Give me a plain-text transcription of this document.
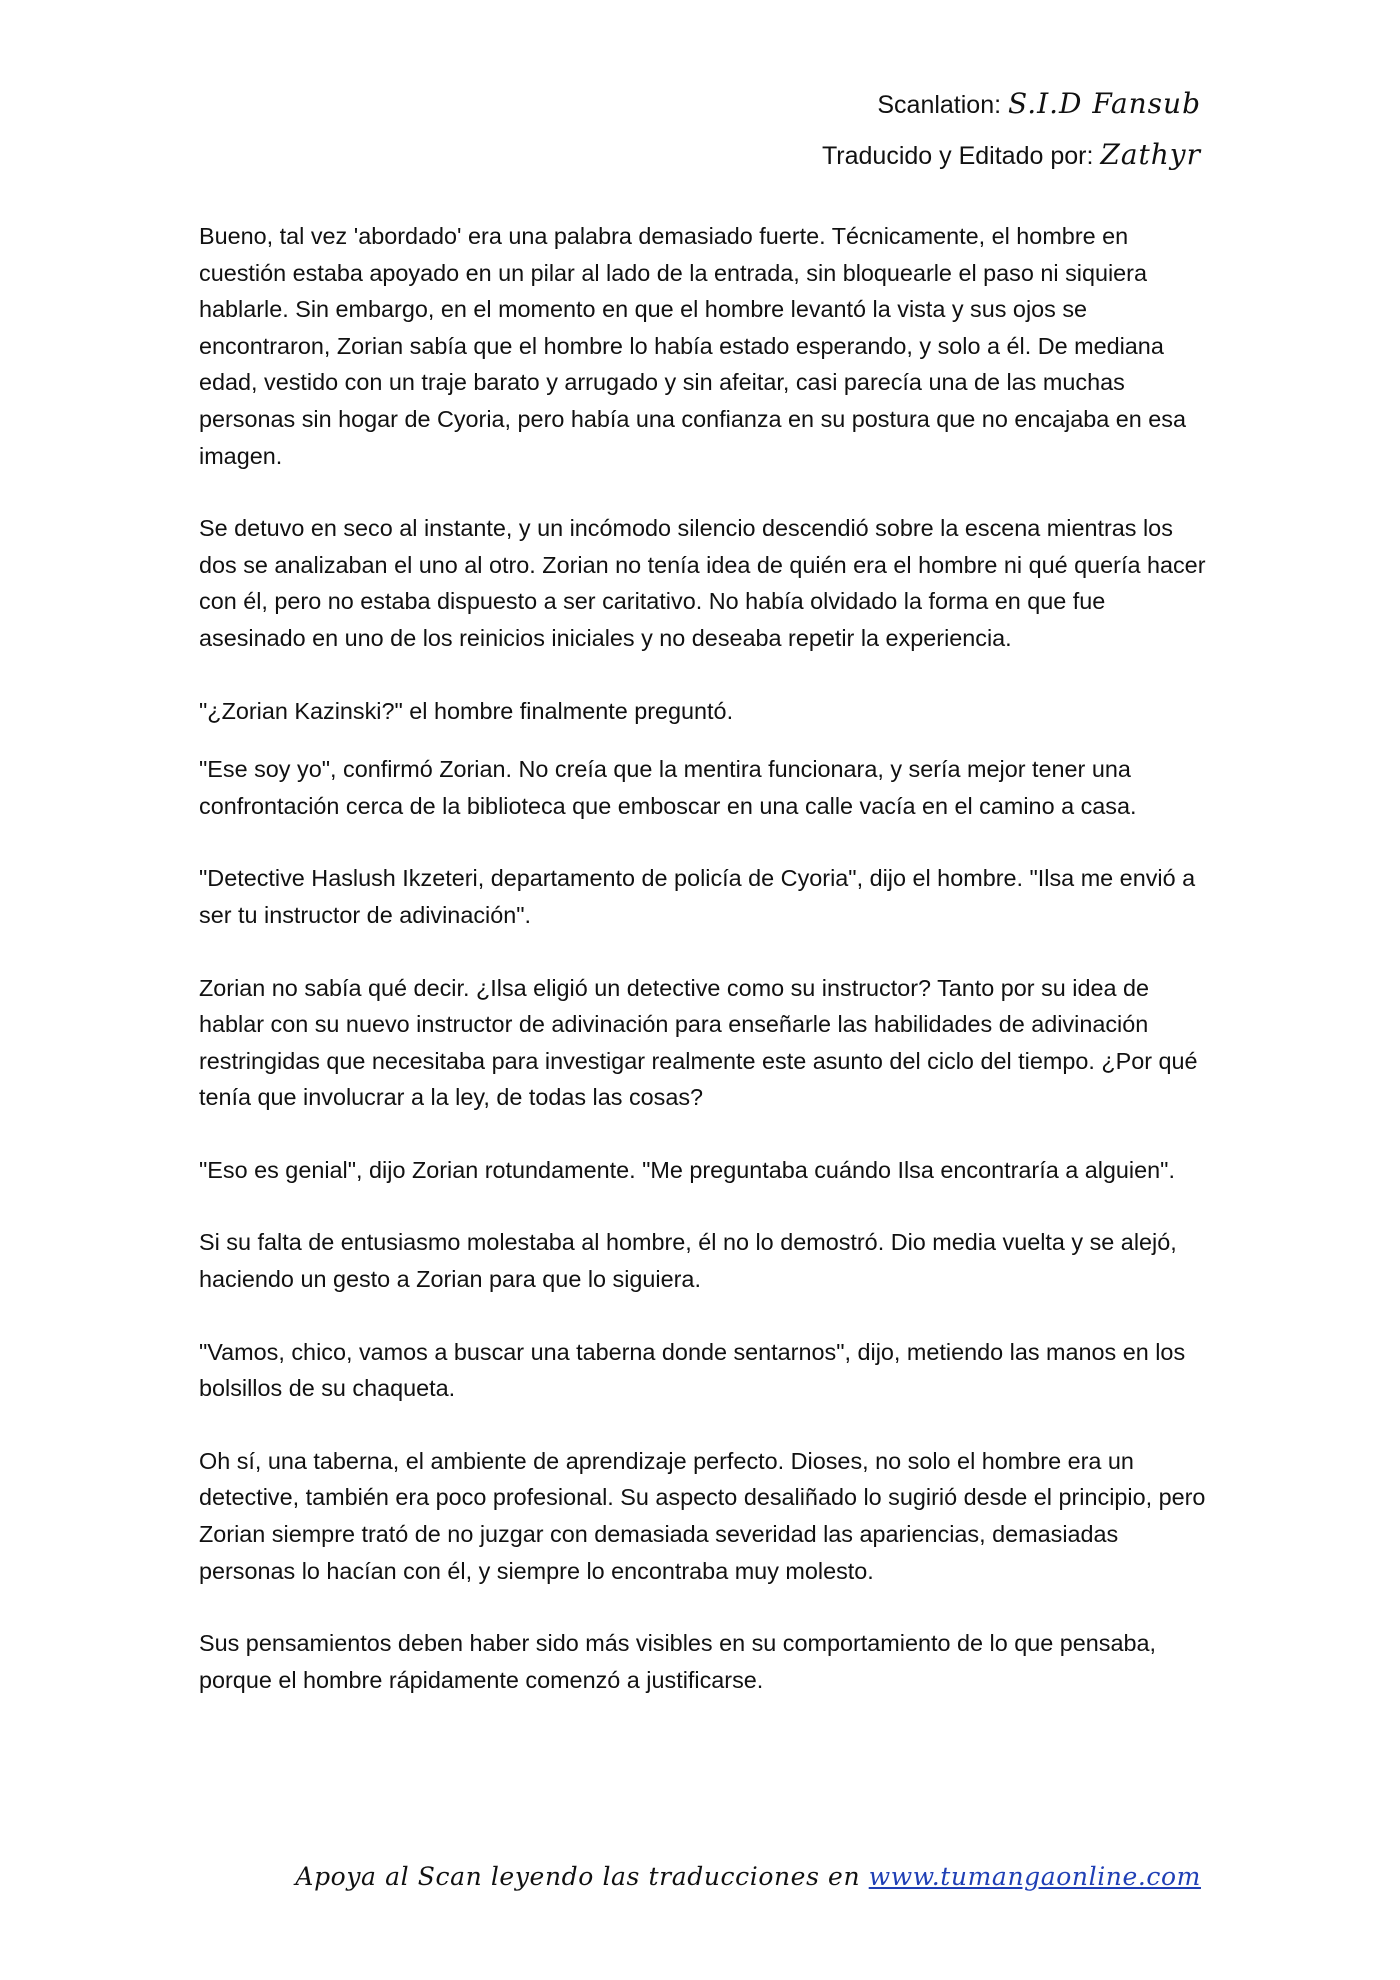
Scanlation: S.I.D Fansub
Traducido y Editado por: Zathyr

Bueno, tal vez 'abordado' era una palabra demasiado fuerte. Técnicamente, el hombre en cuestión estaba apoyado en un pilar al lado de la entrada, sin bloquearle el paso ni siquiera hablarle. Sin embargo, en el momento en que el hombre levantó la vista y sus ojos se encontraron, Zorian sabía que el hombre lo había estado esperando, y solo a él. De mediana edad, vestido con un traje barato y arrugado y sin afeitar, casi parecía una de las muchas personas sin hogar de Cyoria, pero había una confianza en su postura que no encajaba en esa imagen.

Se detuvo en seco al instante, y un incómodo silencio descendió sobre la escena mientras los dos se analizaban el uno al otro. Zorian no tenía idea de quién era el hombre ni qué quería hacer con él, pero no estaba dispuesto a ser caritativo. No había olvidado la forma en que fue asesinado en uno de los reinicios iniciales y no deseaba repetir la experiencia.

"¿Zorian Kazinski?" el hombre finalmente preguntó.

"Ese soy yo", confirmó Zorian. No creía que la mentira funcionara, y sería mejor tener una confrontación cerca de la biblioteca que emboscar en una calle vacía en el camino a casa.

"Detective Haslush Ikzeteri, departamento de policía de Cyoria", dijo el hombre. "Ilsa me envió a ser tu instructor de adivinación".

Zorian no sabía qué decir. ¿Ilsa eligió un detective como su instructor? Tanto por su idea de hablar con su nuevo instructor de adivinación para enseñarle las habilidades de adivinación restringidas que necesitaba para investigar realmente este asunto del ciclo del tiempo. ¿Por qué tenía que involucrar a la ley, de todas las cosas?

"Eso es genial", dijo Zorian rotundamente. "Me preguntaba cuándo Ilsa encontraría a alguien".

Si su falta de entusiasmo molestaba al hombre, él no lo demostró. Dio media vuelta y se alejó, haciendo un gesto a Zorian para que lo siguiera.

"Vamos, chico, vamos a buscar una taberna donde sentarnos", dijo, metiendo las manos en los bolsillos de su chaqueta.

Oh sí, una taberna, el ambiente de aprendizaje perfecto. Dioses, no solo el hombre era un detective, también era poco profesional. Su aspecto desaliñado lo sugirió desde el principio, pero Zorian siempre trató de no juzgar con demasiada severidad las apariencias, demasiadas personas lo hacían con él, y siempre lo encontraba muy molesto.

Sus pensamientos deben haber sido más visibles en su comportamiento de lo que pensaba, porque el hombre rápidamente comenzó a justificarse.

Apoya al Scan leyendo las traducciones en www.tumangaonline.com
